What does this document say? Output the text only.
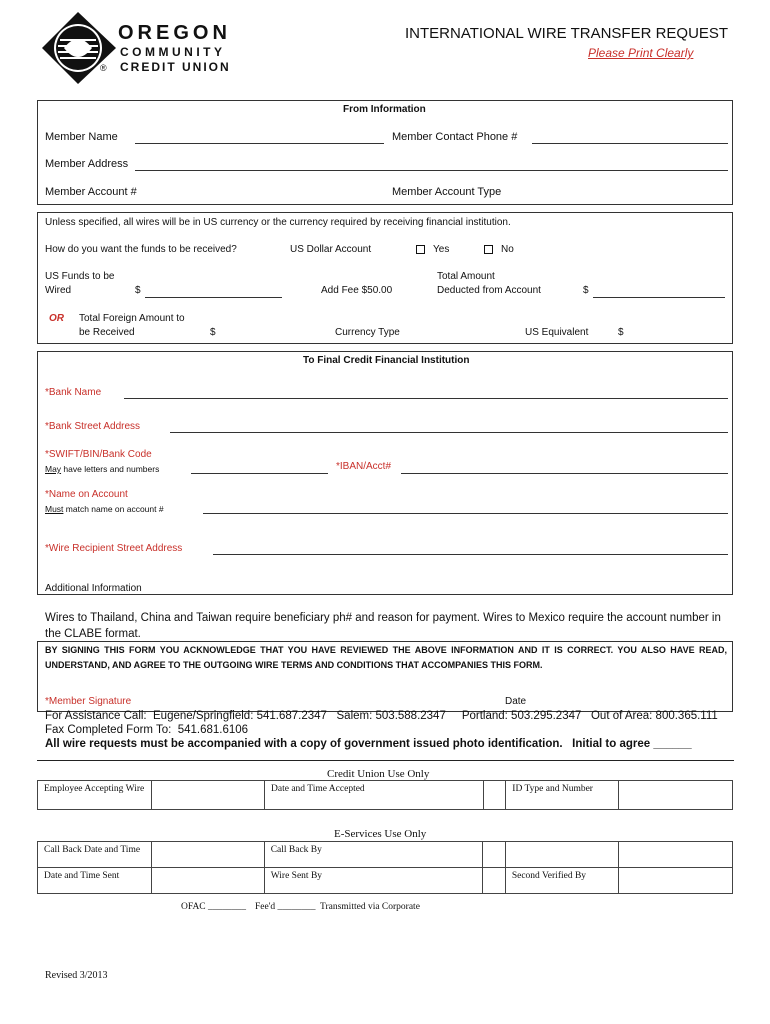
OREGON
COMMUNITY
CREDIT UNION
®
INTERNATIONAL WIRE TRANSFER REQUEST
Please Print Clearly
From Information
Member Name	Member Contact Phone #
Member Address
Member Account #	Member Account Type
Unless specified, all wires will be in US currency or the currency required by receiving financial institution.
How do you want the funds to be received?	US Dollar Account	Yes	No
US Funds to be
Wired	$	Add Fee $50.00
Total Amount
Deducted from Account	$
OR Total Foreign Amount to
be Received	$	Currency Type	US Equivalent	$
To Final Credit Financial Institution
*Bank Name
*Bank Street Address
*SWIFT/BIN/Bank Code
May have letters and numbers	*IBAN/Acct#
*Name on Account
Must match name on account #
*Wire Recipient Street Address
Additional Information
Wires to Thailand, China and Taiwan require beneficiary ph# and reason for payment. Wires to Mexico require the account number in the CLABE format.
BY SIGNING THIS FORM YOU ACKNOWLEDGE THAT YOU HAVE REVIEWED THE ABOVE INFORMATION AND IT IS CORRECT. YOU ALSO HAVE READ, UNDERSTAND, AND AGREE TO THE OUTGOING WIRE TERMS AND CONDITIONS THAT ACCOMPANIES THIS FORM.
*Member Signature	Date
For Assistance Call:  Eugene/Springfield: 541.687.2347   Salem: 503.588.2347     Portland: 503.295.2347   Out of Area: 800.365.111
Fax Completed Form To:  541.681.6106
All wire requests must be accompanied with a copy of government issued photo identification.   Initial to agree ______
Credit Union Use Only
Employee Accepting Wire		Date and Time Accepted		ID Type and Number	
E-Services Use Only
Call Back Date and Time		Call Back By			
Date and Time Sent		Wire Sent By		Second Verified By	
OFAC ________ Fee'd ________ Transmitted via Corporate
Revised 3/2013
